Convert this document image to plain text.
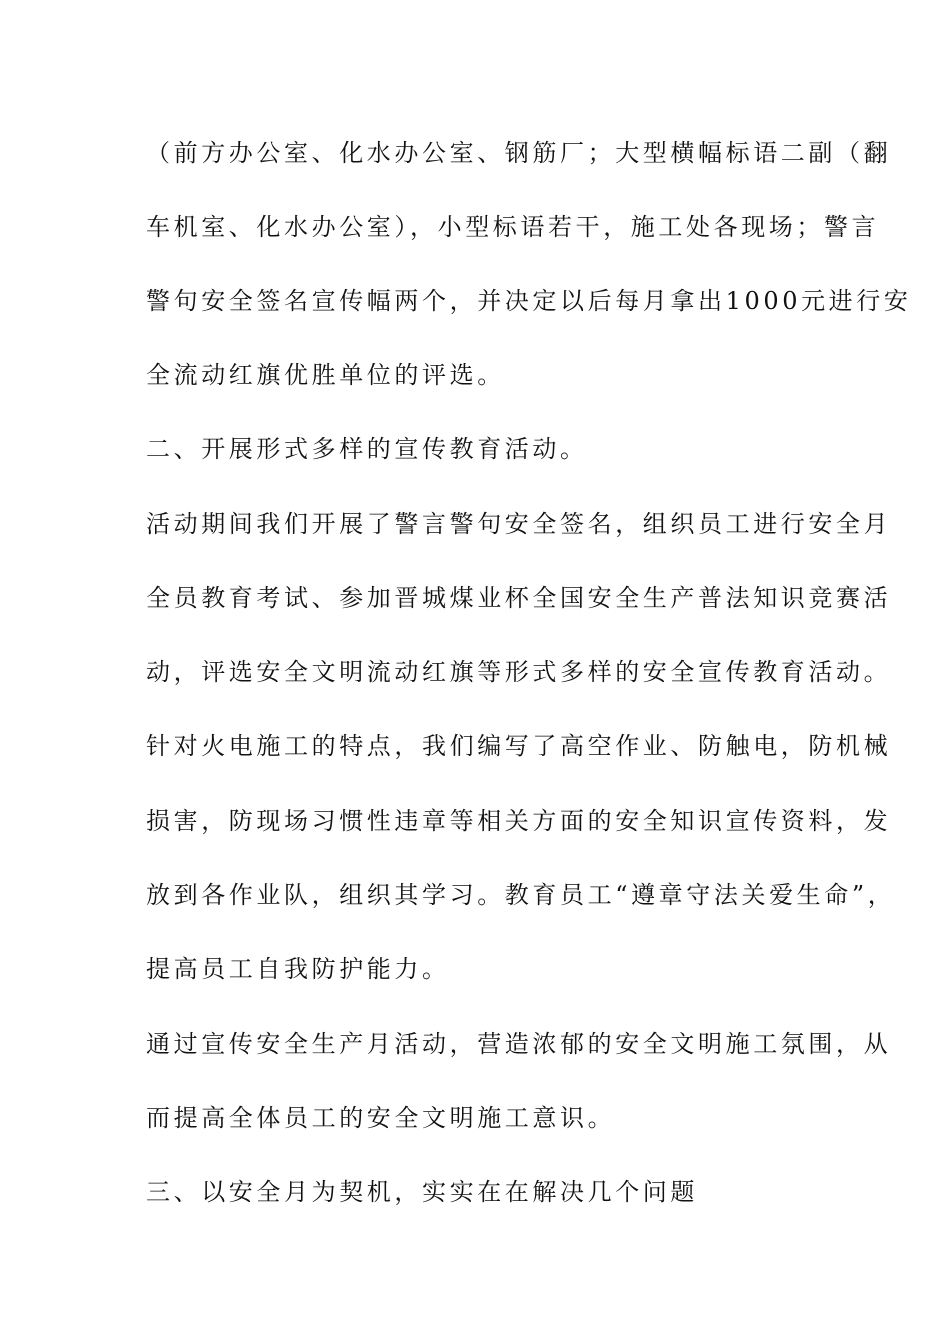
（前方办公室、化水办公室、钢筋厂；大型横幅标语二副（翻
车机室、化水办公室），小型标语若干，施工处各现场；警言
警句安全签名宣传幅两个，并决定以后每月拿出1000元进行安
全流动红旗优胜单位的评选。
二、开展形式多样的宣传教育活动。
活动期间我们开展了警言警句安全签名，组织员工进行安全月
全员教育考试、参加晋城煤业杯全国安全生产普法知识竞赛活
动，评选安全文明流动红旗等形式多样的安全宣传教育活动。
针对火电施工的特点，我们编写了高空作业、防触电，防机械
损害，防现场习惯性违章等相关方面的安全知识宣传资料，发
放到各作业队，组织其学习。教育员工“遵章守法关爱生命”，
提高员工自我防护能力。
通过宣传安全生产月活动，营造浓郁的安全文明施工氛围，从
而提高全体员工的安全文明施工意识。
三、以安全月为契机，实实在在解决几个问题
